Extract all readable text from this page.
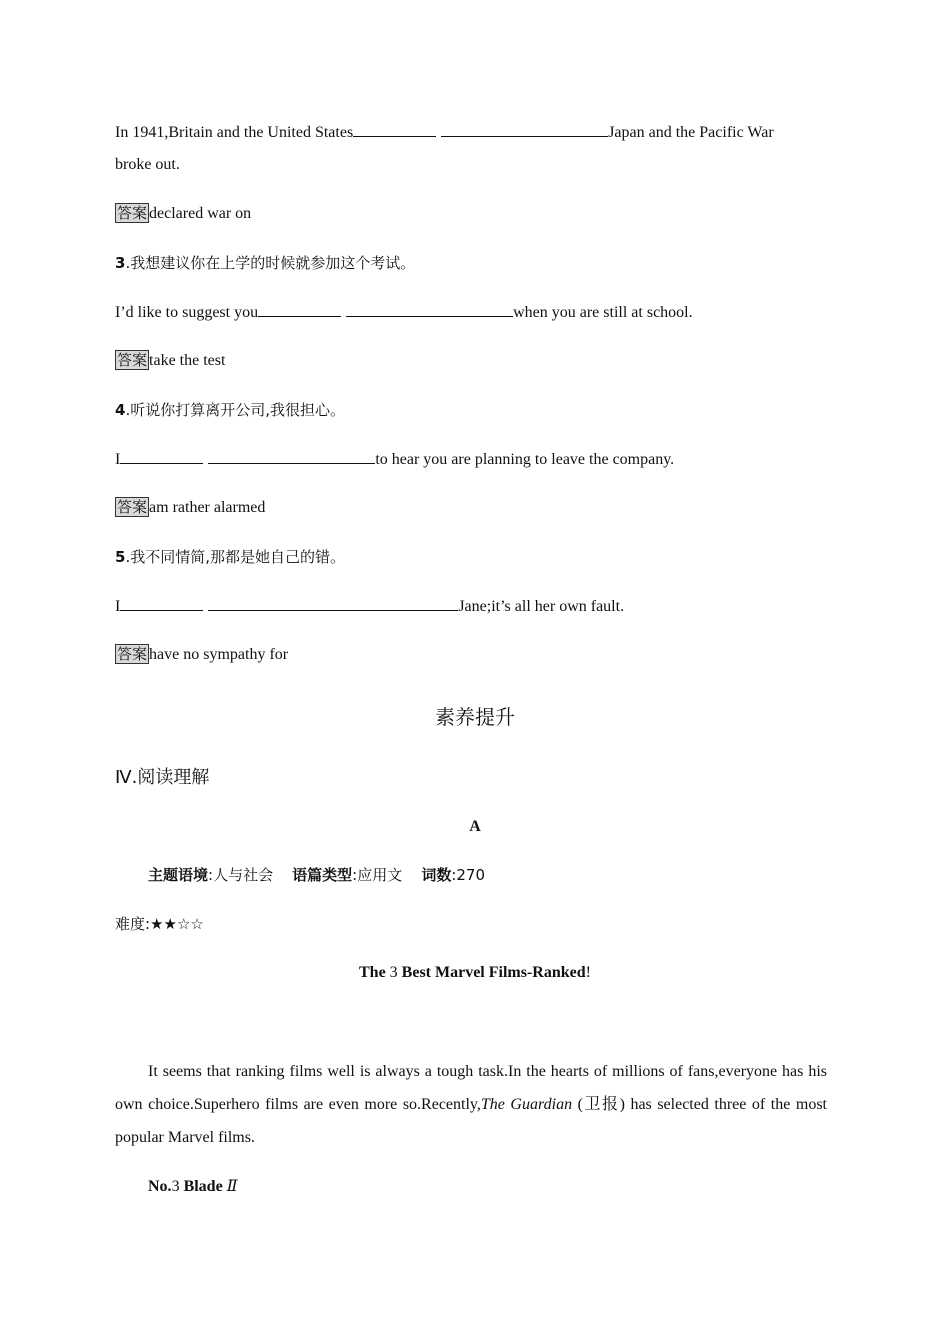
In 1941,Britain and the United States	Japan and the Pacific War
broke out.
答案 declared war on
3.我想建议你在上学的时候就参加这个考试。
I’d like to suggest you	when you are still at school.
答案 take the test
4.听说你打算离开公司,我很担心。
I	to hear you are planning to leave the company.
答案 am rather alarmed
5.我不同情简,那都是她自己的错。
I	Jane;it’s all her own fault.
答案 have no sympathy for
素养提升
Ⅳ.阅读理解
A
主题语境:人与社会 语篇类型:应用文 词数:270
难度:★★☆☆
The 3 Best Marvel Films-Ranked!
It seems that ranking films well is always a tough task.In the hearts of millions of fans,everyone has his own choice.Superhero films are even more so.Recently,The Guardian (卫报) has selected three of the most popular Marvel films.
No.3 Blade Ⅱ
